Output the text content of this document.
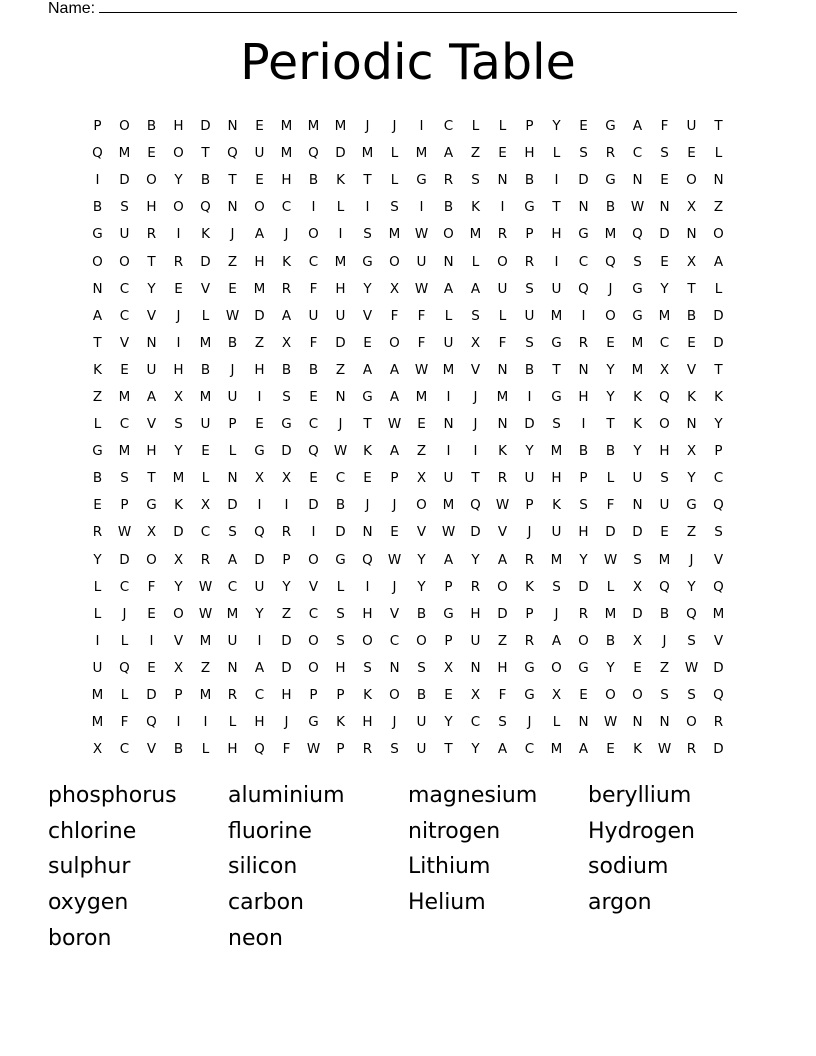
Name:
Periodic Table
P	O	B	H	D	N	E	M	M	M	J	J	I	C	L	L	P	Y	E	G	A	F	U	T
Q	M	E	O	T	Q	U	M	Q	D	M	L	M	A	Z	E	H	L	S	R	C	S	E	L
I	D	O	Y	B	T	E	H	B	K	T	L	G	R	S	N	B	I	D	G	N	E	O	N
B	S	H	O	Q	N	O	C	I	L	I	S	I	B	K	I	G	T	N	B	W	N	X	Z
G	U	R	I	K	J	A	J	O	I	S	M	W	O	M	R	P	H	G	M	Q	D	N	O
O	O	T	R	D	Z	H	K	C	M	G	O	U	N	L	O	R	I	C	Q	S	E	X	A
N	C	Y	E	V	E	M	R	F	H	Y	X	W	A	A	U	S	U	Q	J	G	Y	T	L
A	C	V	J	L	W	D	A	U	U	V	F	F	L	S	L	U	M	I	O	G	M	B	D
T	V	N	I	M	B	Z	X	F	D	E	O	F	U	X	F	S	G	R	E	M	C	E	D
K	E	U	H	B	J	H	B	B	Z	A	A	W	M	V	N	B	T	N	Y	M	X	V	T
Z	M	A	X	M	U	I	S	E	N	G	A	M	I	J	M	I	G	H	Y	K	Q	K	K
L	C	V	S	U	P	E	G	C	J	T	W	E	N	J	N	D	S	I	T	K	O	N	Y
G	M	H	Y	E	L	G	D	Q	W	K	A	Z	I	I	K	Y	M	B	B	Y	H	X	P
B	S	T	M	L	N	X	X	E	C	E	P	X	U	T	R	U	H	P	L	U	S	Y	C
E	P	G	K	X	D	I	I	D	B	J	J	O	M	Q	W	P	K	S	F	N	U	G	Q
R	W	X	D	C	S	Q	R	I	D	N	E	V	W	D	V	J	U	H	D	D	E	Z	S
Y	D	O	X	R	A	D	P	O	G	Q	W	Y	A	Y	A	R	M	Y	W	S	M	J	V
L	C	F	Y	W	C	U	Y	V	L	I	J	Y	P	R	O	K	S	D	L	X	Q	Y	Q
L	J	E	O	W	M	Y	Z	C	S	H	V	B	G	H	D	P	J	R	M	D	B	Q	M
I	L	I	V	M	U	I	D	O	S	O	C	O	P	U	Z	R	A	O	B	X	J	S	V
U	Q	E	X	Z	N	A	D	O	H	S	N	S	X	N	H	G	O	G	Y	E	Z	W	D
M	L	D	P	M	R	C	H	P	P	K	O	B	E	X	F	G	X	E	O	O	S	S	Q
M	F	Q	I	I	L	H	J	G	K	H	J	U	Y	C	S	J	L	N	W	N	N	O	R
X	C	V	B	L	H	Q	F	W	P	R	S	U	T	Y	A	C	M	A	E	K	W	R	D
phosphorus	aluminium	magnesium	beryllium
chlorine	fluorine	nitrogen	Hydrogen
sulphur	silicon	Lithium	sodium
oxygen	carbon	Helium	argon
boron	neon
